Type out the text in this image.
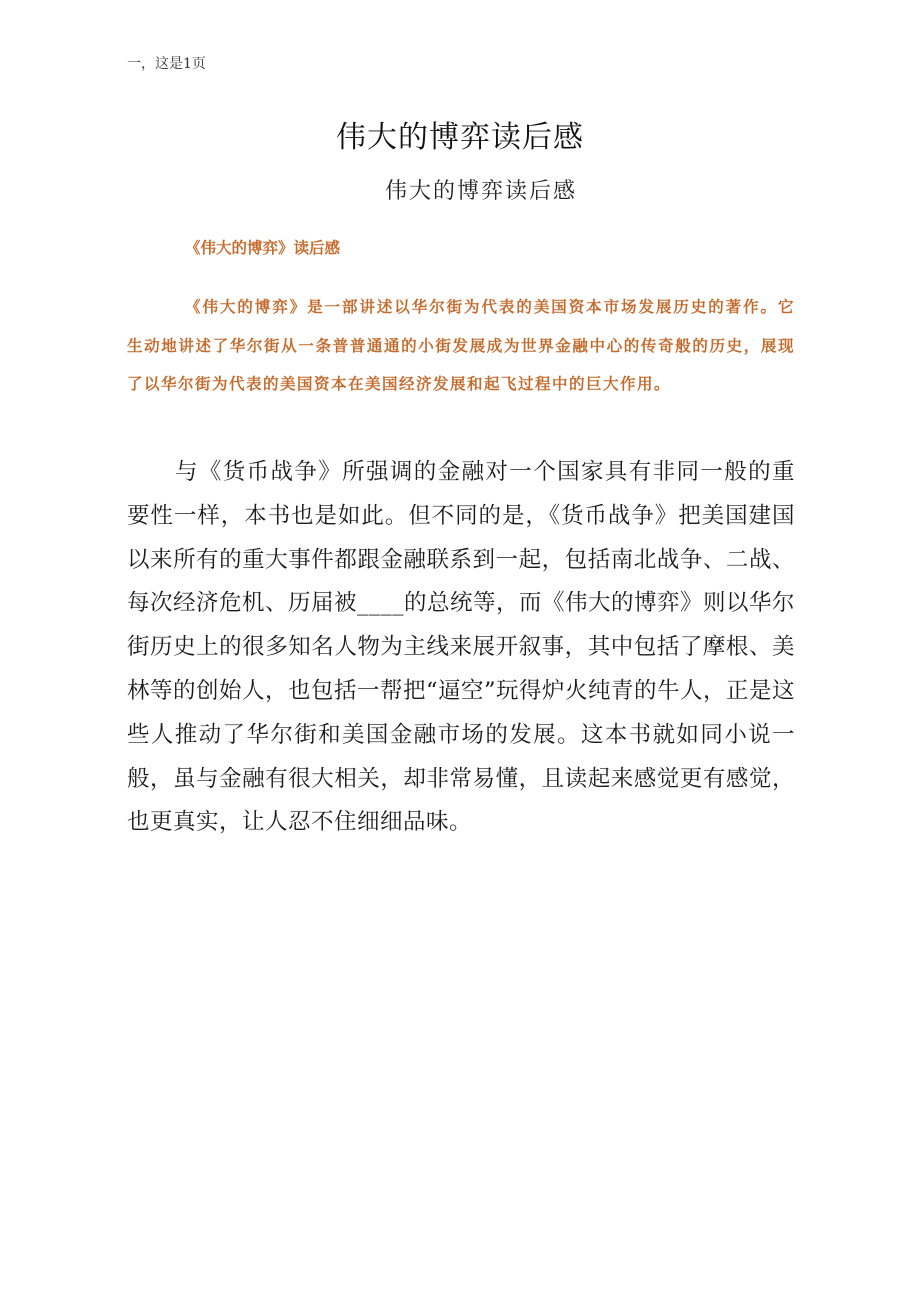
一，这是1页
伟大的博弈读后感
伟大的博弈读后感
《伟大的博弈》读后感
《伟大的博弈》是一部讲述以华尔街为代表的美国资本市场发展历史的著作。它生动地讲述了华尔街从一条普普通通的小街发展成为世界金融中心的传奇般的历史，展现了以华尔街为代表的美国资本在美国经济发展和起飞过程中的巨大作用。
与《货币战争》所强调的金融对一个国家具有非同一般的重要性一样，本书也是如此。但不同的是，《货币战争》把美国建国以来所有的重大事件都跟金融联系到一起，包括南北战争、二战、每次经济危机、历届被____的总统等，而《伟大的博弈》则以华尔街历史上的很多知名人物为主线来展开叙事，其中包括了摩根、美林等的创始人，也包括一帮把“逼空”玩得炉火纯青的牛人，正是这些人推动了华尔街和美国金融市场的发展。这本书就如同小说一般，虽与金融有很大相关，却非常易懂，且读起来感觉更有感觉，也更真实，让人忍不住细细品味。
